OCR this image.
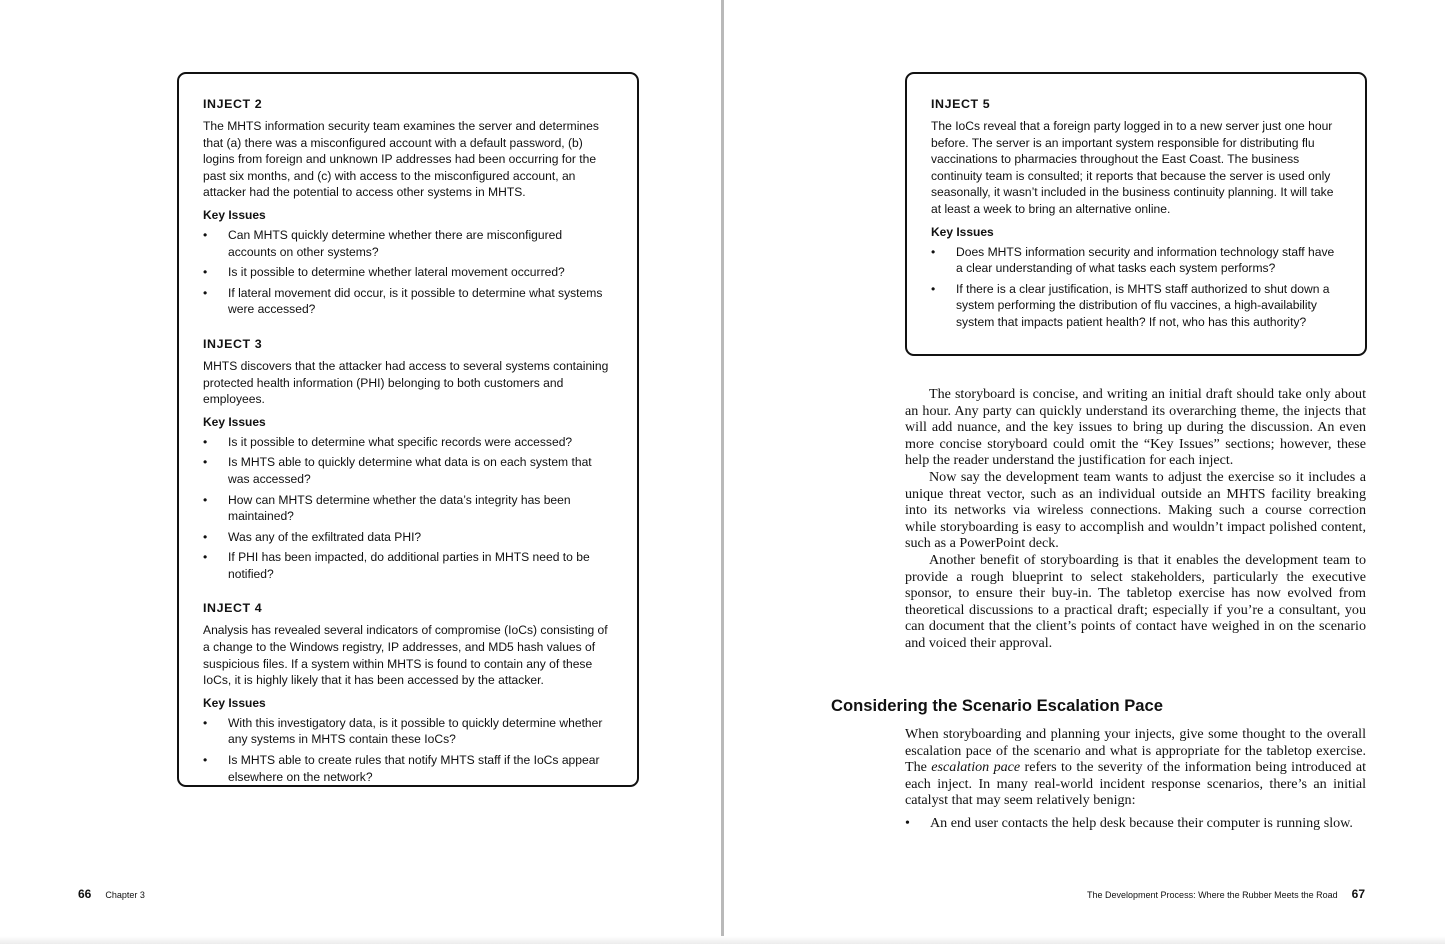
INJECT 2
The MHTS information security team examines the server and determines that (a) there was a misconfigured account with a default password, (b) logins from foreign and unknown IP addresses had been occurring for the past six months, and (c) with access to the misconfigured account, an attacker had the potential to access other systems in MHTS.
Key Issues
• Can MHTS quickly determine whether there are misconfigured accounts on other systems?
• Is it possible to determine whether lateral movement occurred?
• If lateral movement did occur, is it possible to determine what systems were accessed?
INJECT 3
MHTS discovers that the attacker had access to several systems containing protected health information (PHI) belonging to both customers and employees.
Key Issues
• Is it possible to determine what specific records were accessed?
• Is MHTS able to quickly determine what data is on each system that was accessed?
• How can MHTS determine whether the data’s integrity has been maintained?
• Was any of the exfiltrated data PHI?
• If PHI has been impacted, do additional parties in MHTS need to be notified?
INJECT 4
Analysis has revealed several indicators of compromise (IoCs) consisting of a change to the Windows registry, IP addresses, and MD5 hash values of suspicious files. If a system within MHTS is found to contain any of these IoCs, it is highly likely that it has been accessed by the attacker.
Key Issues
• With this investigatory data, is it possible to quickly determine whether any systems in MHTS contain these IoCs?
• Is MHTS able to create rules that notify MHTS staff if the IoCs appear elsewhere on the network?
66 Chapter 3
INJECT 5
The IoCs reveal that a foreign party logged in to a new server just one hour before. The server is an important system responsible for distributing flu vaccinations to pharmacies throughout the East Coast. The business continuity team is consulted; it reports that because the server is used only seasonally, it wasn’t included in the business continuity planning. It will take at least a week to bring an alternative online.
Key Issues
• Does MHTS information security and information technology staff have a clear understanding of what tasks each system performs?
• If there is a clear justification, is MHTS staff authorized to shut down a system performing the distribution of flu vaccines, a high-availability system that impacts patient health? If not, who has this authority?

The storyboard is concise, and writing an initial draft should take only about an hour. Any party can quickly understand its overarching theme, the injects that will add nuance, and the key issues to bring up during the discussion. An even more concise storyboard could omit the “Key Issues” sections; however, these help the reader understand the justification for each inject.

Now say the development team wants to adjust the exercise so it includes a unique threat vector, such as an individual outside an MHTS facility breaking into its networks via wireless connections. Making such a course correction while storyboarding is easy to accomplish and wouldn’t impact polished content, such as a PowerPoint deck.

Another benefit of storyboarding is that it enables the development team to provide a rough blueprint to select stakeholders, particularly the executive sponsor, to ensure their buy-in. The tabletop exercise has now evolved from theoretical discussions to a practical draft; especially if you’re a consultant, you can document that the client’s points of contact have weighed in on the scenario and voiced their approval.

Considering the Scenario Escalation Pace

When storyboarding and planning your injects, give some thought to the overall escalation pace of the scenario and what is appropriate for the tabletop exercise. The escalation pace refers to the severity of the information being introduced at each inject. In many real-world incident response scenarios, there’s an initial catalyst that may seem relatively benign:

• An end user contacts the help desk because their computer is running slow.
The Development Process: Where the Rubber Meets the Road 67
